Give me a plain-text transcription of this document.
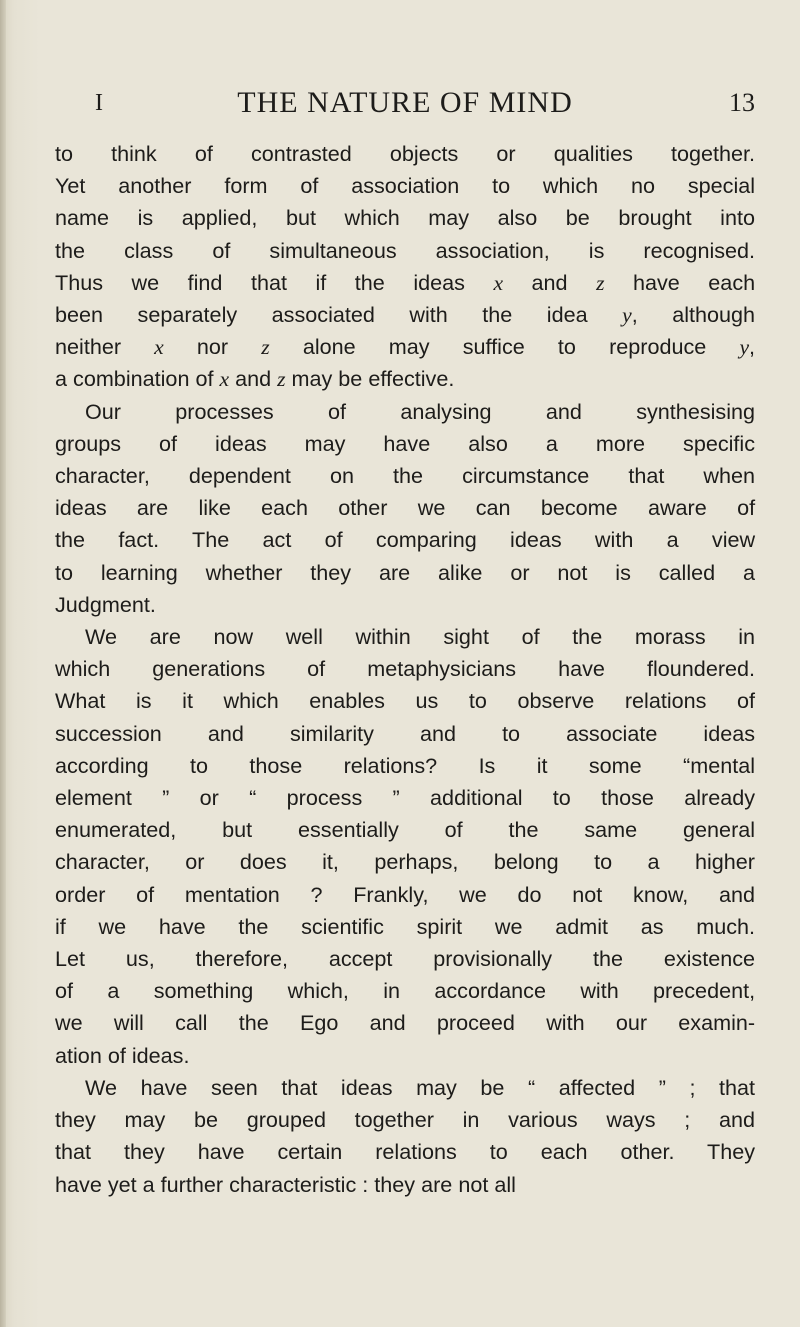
I	THE NATURE OF MIND	13

to think of contrasted objects or qualities together.
Yet another form of association to which no special
name is applied, but which may also be brought into
the class of simultaneous association, is recognised.
Thus we find that if the ideas x and z have each
been separately associated with the idea y, although
neither x nor z alone may suffice to reproduce y,
a combination of x and z may be effective.

Our	processes	of	analysing	and	synthesising
groups of ideas may have also a more specific
character, dependent on the circumstance that when
ideas are like each other we can become aware of
the fact. The act of comparing ideas with a view
to learning whether they are alike or not is called a
Judgment.

We are now well within sight of the morass in
which generations of metaphysicians have floundered.
What is it which enables us to observe relations of
succession and similarity and to associate ideas
according to those relations? Is it some “mental
element ” or “ process ” additional to those already
enumerated, but essentially of the same general
character, or does it, perhaps, belong to a higher
order of mentation ? Frankly, we do not know, and
if we have the scientific spirit we admit as much.
Let us, therefore, accept provisionally the existence
of a something which, in accordance with precedent,
we will call the Ego and proceed with our examin-
ation of ideas.

We have seen that ideas may be “ affected ” ; that
they may be grouped together in various ways ; and
that they have certain relations to each other. They
have yet a further characteristic : they are not all
